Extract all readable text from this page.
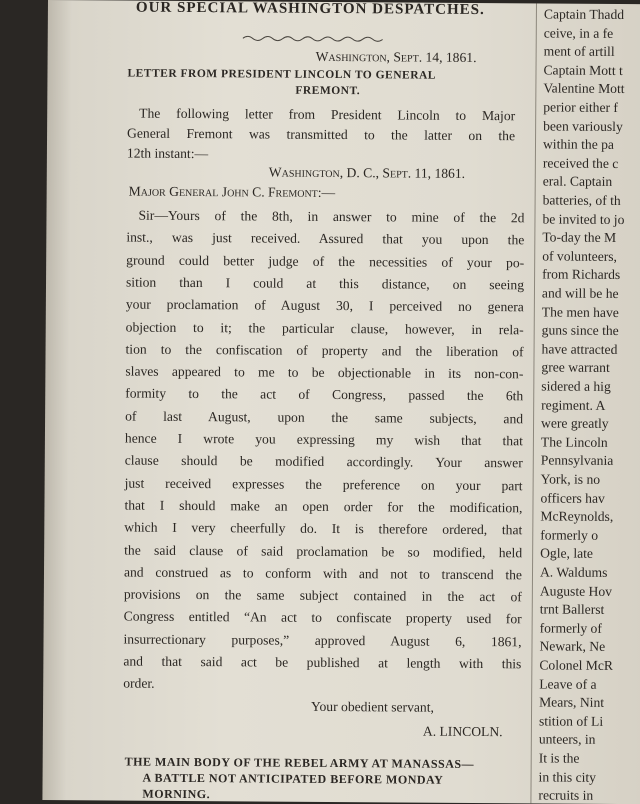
OUR SPECIAL WASHINGTON DESPATCHES.
Washington, Sept. 14, 1861.
LETTER FROM PRESIDENT LINCOLN TO GENERAL
FREMONT.
The following letter from President Lincoln to Major
General Fremont was transmitted to the latter on the
12th instant:—
Washington, D. C., Sept. 11, 1861.
Major General John C. Fremont:—
Sir—Yours of the 8th, in answer to mine of the 2d
inst., was just received. Assured that you upon the
ground could better judge of the necessities of your po-
sition than I could at this distance, on seeing
your proclamation of August 30, I perceived no genera
objection to it; the particular clause, however, in rela-
tion to the confiscation of property and the liberation of
slaves appeared to me to be objectionable in its non-con-
formity to the act of Congress, passed the 6th
of last August, upon the same subjects, and
hence I wrote you expressing my wish that that
clause should be modified accordingly. Your answer
just received expresses the preference on your part
that I should make an open order for the modification,
which I very cheerfully do. It is therefore ordered, that
the said clause of said proclamation be so modified, held
and construed as to conform with and not to transcend the
provisions on the same subject contained in the act of
Congress entitled “An act to confiscate property used for
insurrectionary purposes,” approved August 6, 1861,
and that said act be published at length with this
order.
Your obedient servant,
A. LINCOLN.
THE MAIN BODY OF THE REBEL ARMY AT MANASSAS—
A BATTLE NOT ANTICIPATED BEFORE MONDAY
MORNING.
Captain Thadd
ceive, in a fe
ment of artill
Captain Mott t
Valentine Mott
perior either f
been variously
within the pa
received the c
eral. Captain
batteries, of th
be invited to jo
To-day the M
of volunteers,
from Richards
and will be he
The men have
guns since the
have attracted
gree warrant
sidered a hig
regiment. A
were greatly
The Lincoln
Pennsylvania
York, is no
officers hav
McReynolds,
formerly o
Ogle, late
A. Waldums
Auguste Hov
trnt Ballerst
formerly of
Newark, Ne
Colonel McR
Leave of a
Mears, Nint
stition of Li
unteers, in
It is the
in this city
recruits in
